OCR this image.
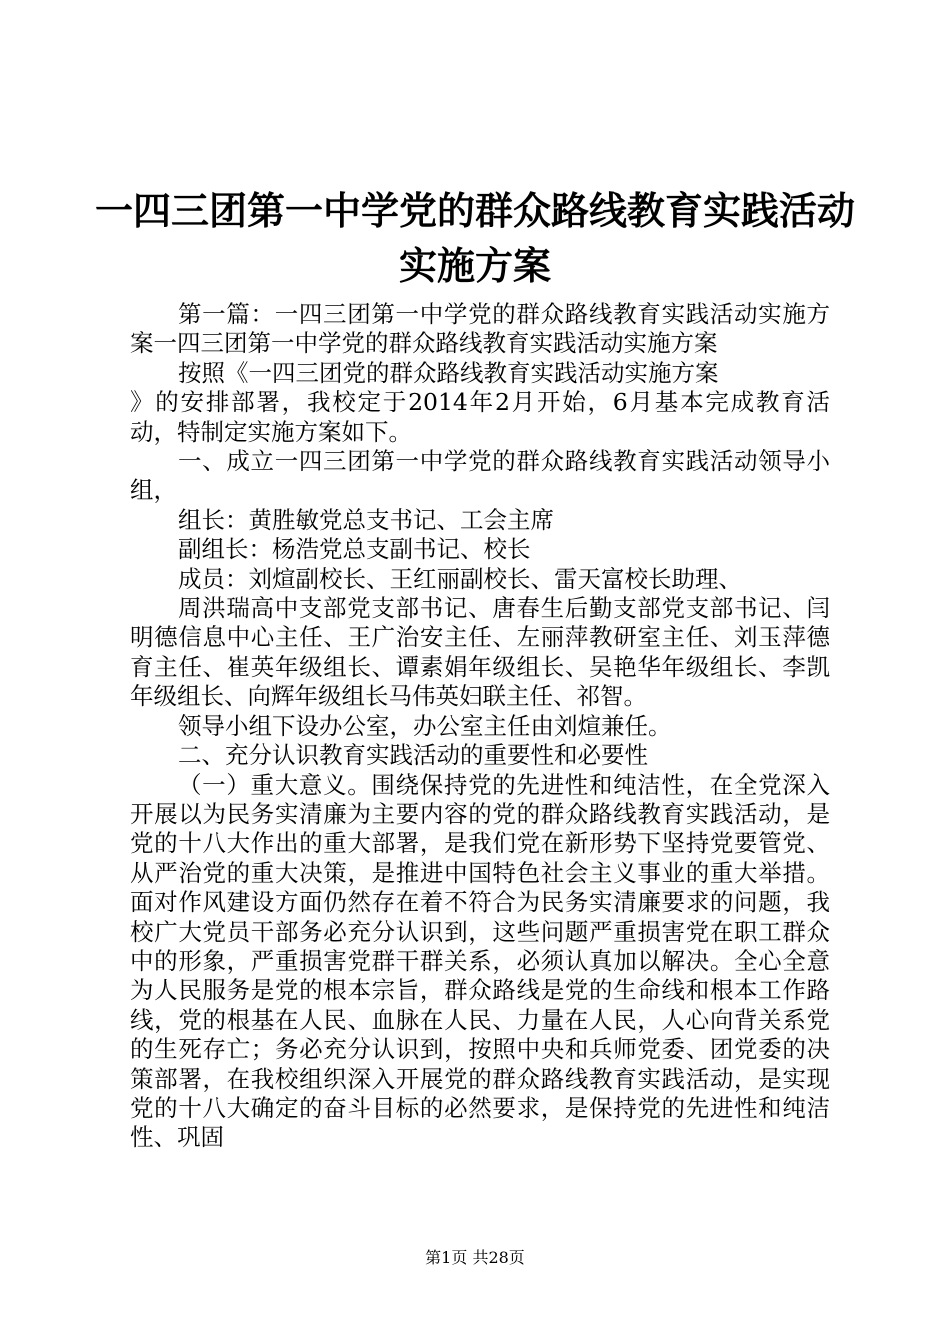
一四三团第一中学党的群众路线教育实践活动
实施方案

第一篇：一四三团第一中学党的群众路线教育实践活动实施方案一四三团第一中学党的群众路线教育实践活动实施方案

按照《一四三团党的群众路线教育实践活动实施方案

》的安排部署，我校定于2014年2月开始，6月基本完成教育活动，特制定实施方案如下。

一、成立一四三团第一中学党的群众路线教育实践活动领导小组，

组长：黄胜敏党总支书记、工会主席

副组长：杨浩党总支副书记、校长

成员：刘煊副校长、王红丽副校长、雷天富校长助理、

周洪瑞高中支部党支部书记、唐春生后勤支部党支部书记、闫明德信息中心主任、王广治安主任、左丽萍教研室主任、刘玉萍德育主任、崔英年级组长、谭素娟年级组长、吴艳华年级组长、李凯年级组长、向辉年级组长马伟英妇联主任、祁智。

领导小组下设办公室，办公室主任由刘煊兼任。

二、充分认识教育实践活动的重要性和必要性

（一）重大意义。围绕保持党的先进性和纯洁性，在全党深入开展以为民务实清廉为主要内容的党的群众路线教育实践活动，是党的十八大作出的重大部署，是我们党在新形势下坚持党要管党、从严治党的重大决策，是推进中国特色社会主义事业的重大举措。面对作风建设方面仍然存在着不符合为民务实清廉要求的问题，我校广大党员干部务必充分认识到，这些问题严重损害党在职工群众中的形象，严重损害党群干群关系，必须认真加以解决。全心全意为人民服务是党的根本宗旨，群众路线是党的生命线和根本工作路线，党的根基在人民、血脉在人民、力量在人民，人心向背关系党的生死存亡；务必充分认识到，按照中央和兵师党委、团党委的决策部署，在我校组织深入开展党的群众路线教育实践活动，是实现党的十八大确定的奋斗目标的必然要求，是保持党的先进性和纯洁性、巩固

第1页 共28页
